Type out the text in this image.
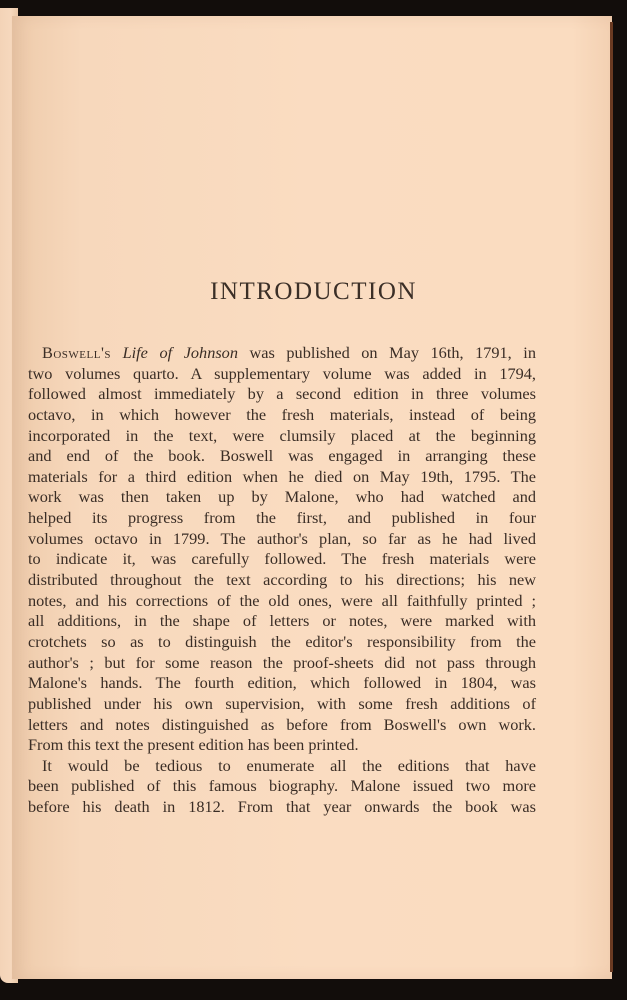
INTRODUCTION
Boswell's Life of Johnson was published on May 16th, 1791, in
two volumes quarto. A supplementary volume was added in 1794,
followed almost immediately by a second edition in three volumes
octavo, in which however the fresh materials, instead of being
incorporated in the text, were clumsily placed at the beginning
and end of the book. Boswell was engaged in arranging these
materials for a third edition when he died on May 19th, 1795. The
work was then taken up by Malone, who had watched and
helped its progress from the first, and published in four
volumes octavo in 1799. The author's plan, so far as he had lived
to indicate it, was carefully followed. The fresh materials were
distributed throughout the text according to his directions; his new
notes, and his corrections of the old ones, were all faithfully printed ;
all additions, in the shape of letters or notes, were marked with
crotchets so as to distinguish the editor's responsibility from the
author's ; but for some reason the proof-sheets did not pass through
Malone's hands. The fourth edition, which followed in 1804, was
published under his own supervision, with some fresh additions of
letters and notes distinguished as before from Boswell's own work.
From this text the present edition has been printed.
It would be tedious to enumerate all the editions that have
been published of this famous biography. Malone issued two more
before his death in 1812. From that year onwards the book was
